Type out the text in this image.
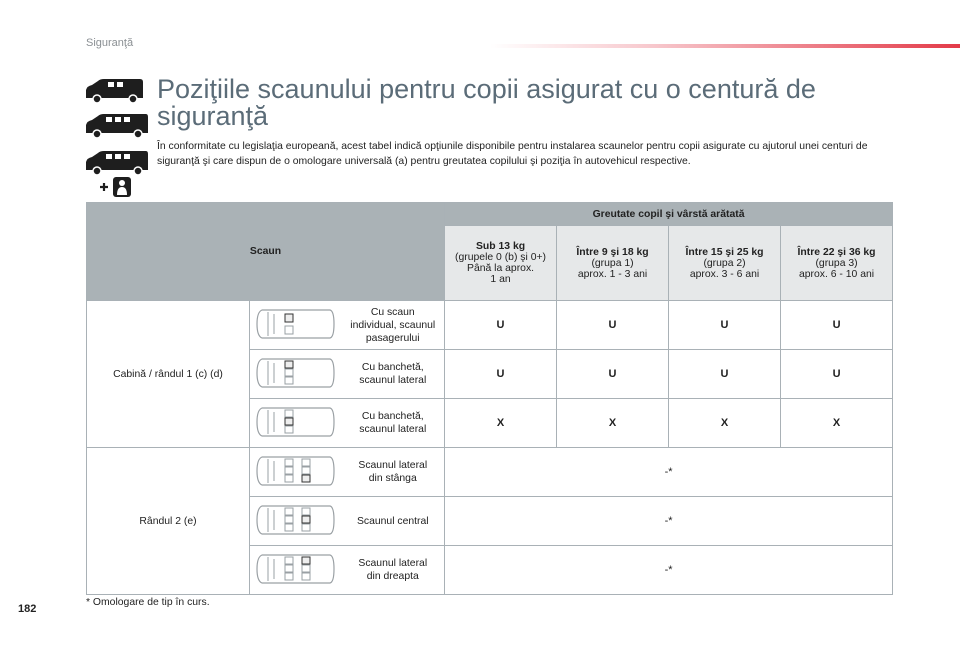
Siguranţă
Poziţiile scaunului pentru copii asigurat cu o centură de siguranţă

În conformitate cu legislaţia europeană, acest tabel indică opţiunile disponibile pentru instalarea scaunelor pentru copii asigurate cu ajutorul unei centuri de siguranţă şi care dispun de o omologare universală (a) pentru greutatea copilului şi poziţia în autovehicul respective.

Scaun			Greutate copil şi vârstă arătată			

			Sub 13 kg
(grupele 0 (b) şi 0+)
Până la aprox.
1 an	Între 9 şi 18 kg
(grupa 1)
aprox. 1 - 3 ani	Între 15 şi 25 kg
(grupa 2)
aprox. 3 - 6 ani	Între 22 şi 36 kg
(grupa 3)
aprox. 6 - 10 ani
Cabină / rândul 1 (c) (d)		Cu scaun
individual, scaunul
pasagerului	U	U	U	U
	Cu banchetă,
scaunul lateral	U	U	U	U
	Cu banchetă,
scaunul lateral	X	X	X	X
Rândul 2 (e)		Scaunul lateral
din stânga	-*			
	Scaunul central	-*			
	Scaunul lateral
din dreapta	-*			
* Omologare de tip în curs.
182
